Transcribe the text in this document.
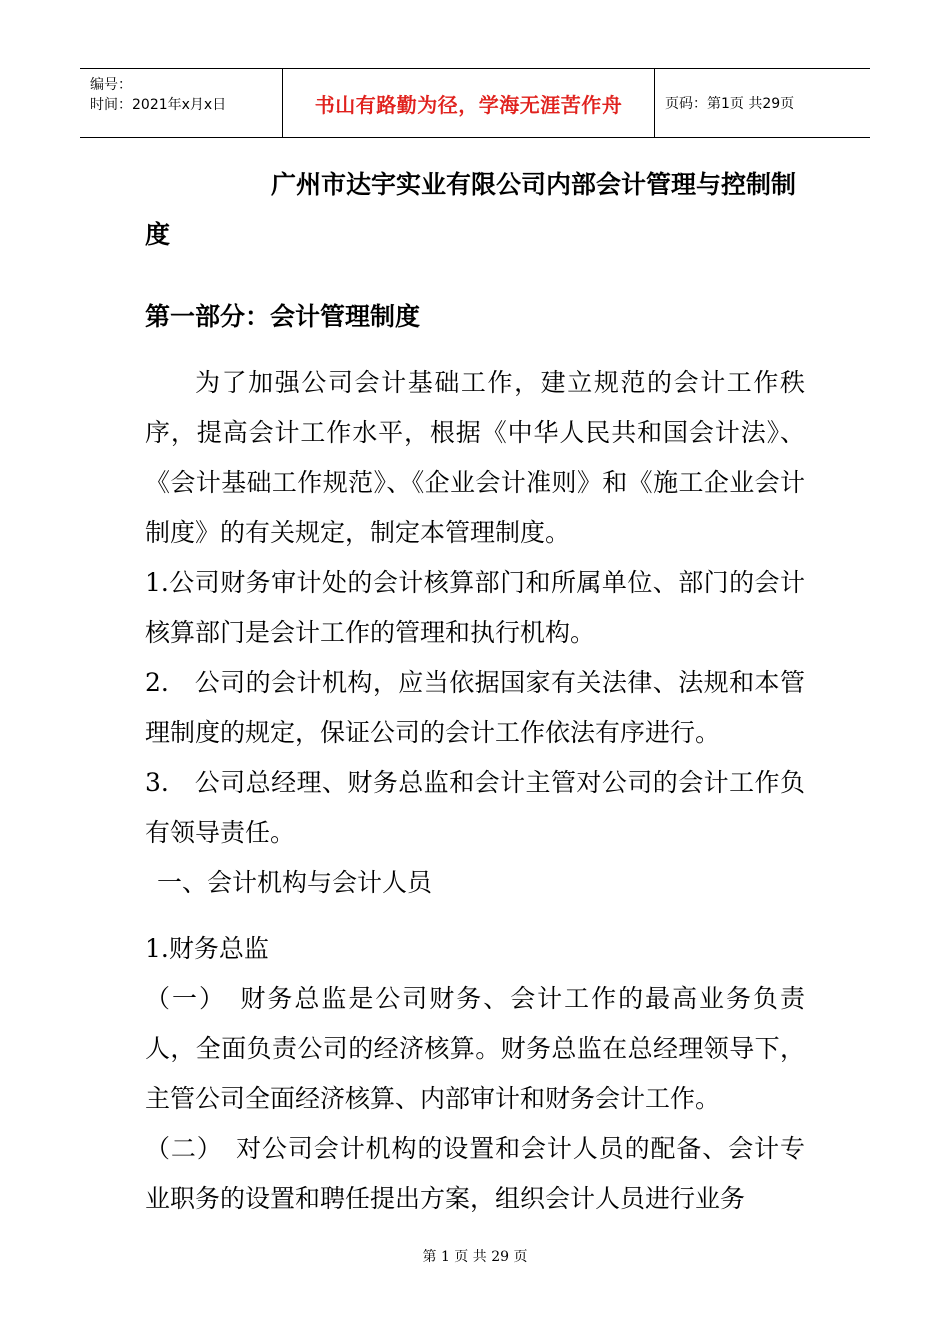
编号：
时间：2021年x月x日	书山有路勤为径，学海无涯苦作舟	页码：第1页 共29页

广州市达宇实业有限公司内部会计管理与控制制度

第一部分：会计管理制度

为了加强公司会计基础工作，建立规范的会计工作秩序，提高会计工作水平，根据《中华人民共和国会计法》、《会计基础工作规范》、《企业会计准则》和《施工企业会计制度》的有关规定，制定本管理制度。

1.公司财务审计处的会计核算部门和所属单位、部门的会计核算部门是会计工作的管理和执行机构。

2.　公司的会计机构，应当依据国家有关法律、法规和本管理制度的规定，保证公司的会计工作依法有序进行。

3.　公司总经理、财务总监和会计主管对公司的会计工作负有领导责任。

一、会计机构与会计人员

1.财务总监

（一）　财务总监是公司财务、会计工作的最高业务负责人，全面负责公司的经济核算。财务总监在总经理领导下，主管公司全面经济核算、内部审计和财务会计工作。

（二）　对公司会计机构的设置和会计人员的配备、会计专业职务的设置和聘任提出方案，组织会计人员进行业务

第 1 页 共 29 页
